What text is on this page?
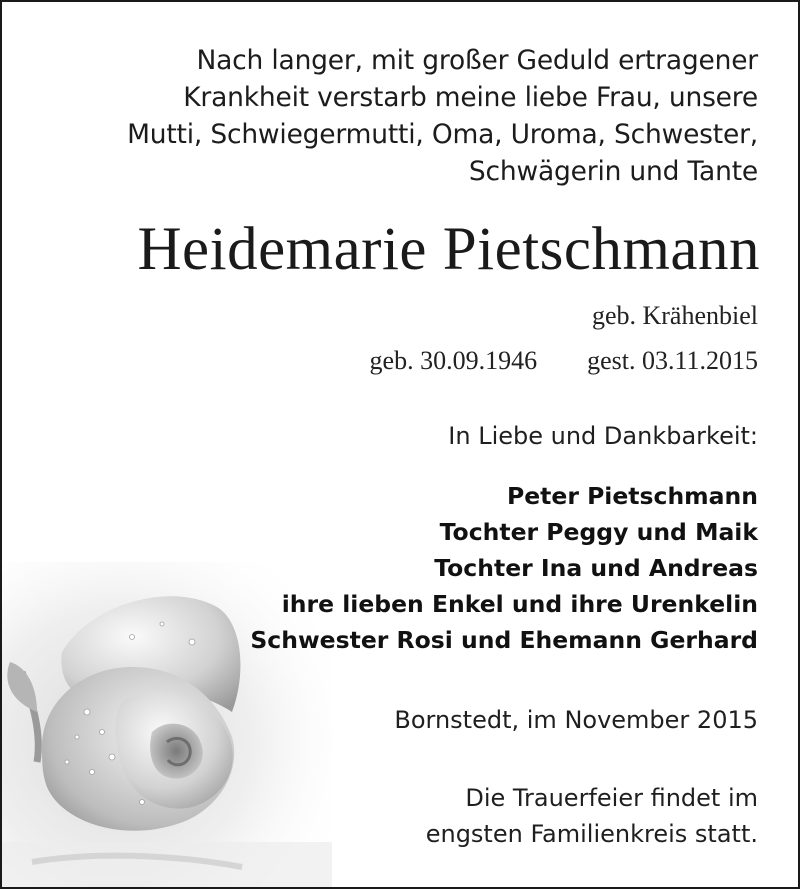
Nach langer, mit großer Geduld ertragener
Krankheit verstarb meine liebe Frau, unsere
Mutti, Schwiegermutti, Oma, Uroma, Schwester,
Schwägerin und Tante
Heidemarie Pietschmann
geb. Krähenbiel
geb. 30.09.1946 gest. 03.11.2015
In Liebe und Dankbarkeit:
Peter Pietschmann
Tochter Peggy und Maik
Tochter Ina und Andreas
ihre lieben Enkel und ihre Urenkelin
Schwester Rosi und Ehemann Gerhard
Bornstedt, im November 2015
Die Trauerfeier findet im
engsten Familienkreis statt.
